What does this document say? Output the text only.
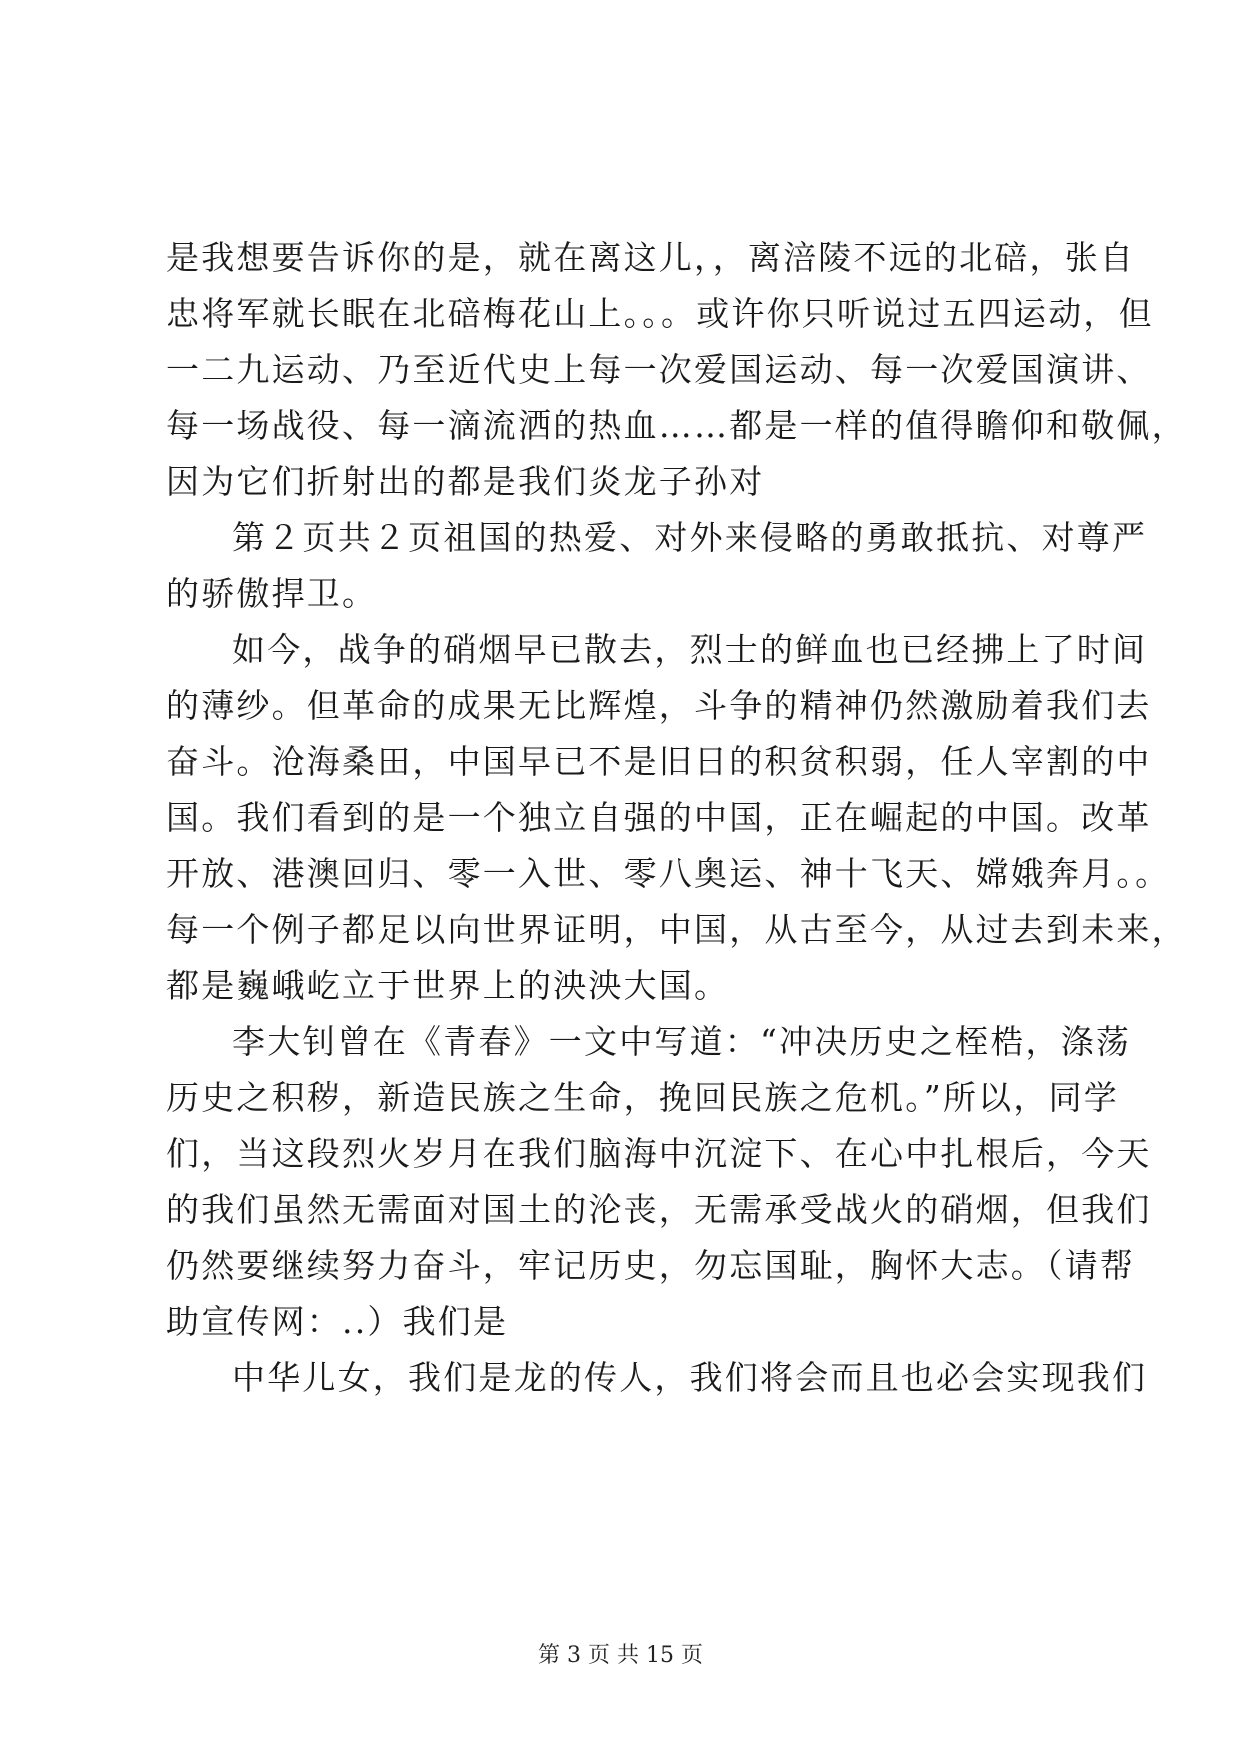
是我想要告诉你的是，就在离这儿，，离涪陵不远的北碚，张自
忠将军就长眠在北碚梅花山上。。。或许你只听说过五四运动，但
一二九运动、乃至近代史上每一次爱国运动、每一次爱国演讲、
每一场战役、每一滴流洒的热血……都是一样的值得瞻仰和敬佩，
因为它们折射出的都是我们炎龙子孙对
第２页共２页祖国的热爱、对外来侵略的勇敢抵抗、对尊严
的骄傲捍卫。
如今，战争的硝烟早已散去，烈士的鲜血也已经拂上了时间
的薄纱。但革命的成果无比辉煌，斗争的精神仍然激励着我们去
奋斗。沧海桑田，中国早已不是旧日的积贫积弱，任人宰割的中
国。我们看到的是一个独立自强的中国，正在崛起的中国。改革
开放、港澳回归、零一入世、零八奥运、神十飞天、嫦娥奔月。。
每一个例子都足以向世界证明，中国，从古至今，从过去到未来，
都是巍峨屹立于世界上的泱泱大国。
李大钊曾在《青春》一文中写道：“冲决历史之桎梏，涤荡
历史之积秽，新造民族之生命，挽回民族之危机。”所以，同学
们，当这段烈火岁月在我们脑海中沉淀下、在心中扎根后，今天
的我们虽然无需面对国土的沦丧，无需承受战火的硝烟，但我们
仍然要继续努力奋斗，牢记历史，勿忘国耻，胸怀大志。（请帮
助宣传网：..）我们是
中华儿女，我们是龙的传人，我们将会而且也必会实现我们
第 3 页 共 15 页
